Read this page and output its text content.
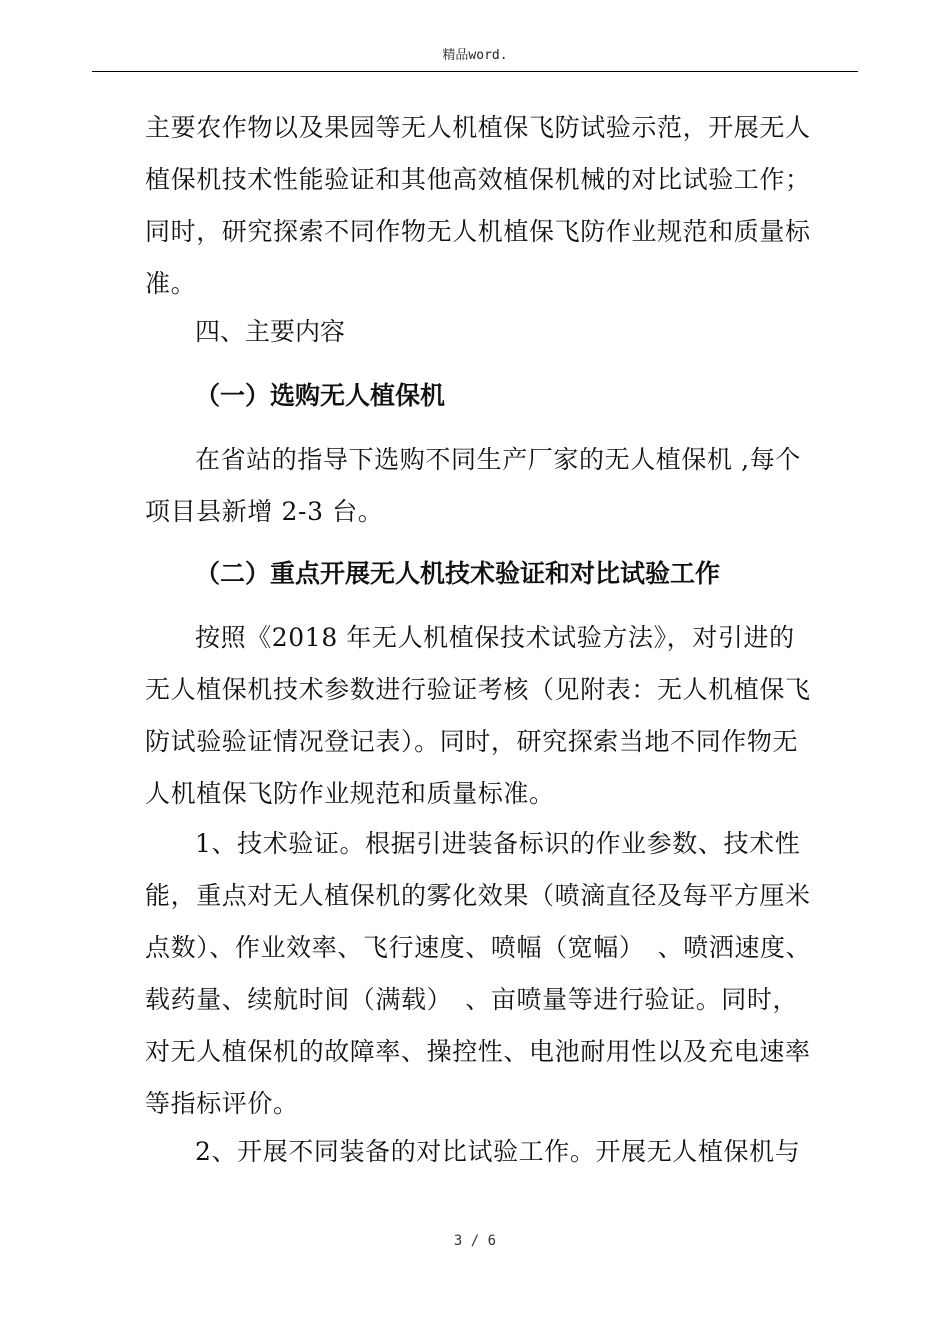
精品word.

主要农作物以及果园等无人机植保飞防试验示范，开展无人植保机技术性能验证和其他高效植保机械的对比试验工作；同时，研究探索不同作物无人机植保飞防作业规范和质量标准。

四、主要内容

（一）选购无人植保机

在省站的指导下选购不同生产厂家的无人植保机 ,每个项目县新增 2-3 台。

（二）重点开展无人机技术验证和对比试验工作

按照《2018 年无人机植保技术试验方法》，对引进的无人植保机技术参数进行验证考核（见附表：无人机植保飞防试验验证情况登记表）。同时，研究探索当地不同作物无人机植保飞防作业规范和质量标准。

1、技术验证。根据引进装备标识的作业参数、技术性能，重点对无人植保机的雾化效果（喷滴直径及每平方厘米点数）、作业效率、飞行速度、喷幅（宽幅）　、喷洒速度、载药量、续航时间（满载）　、亩喷量等进行验证。同时，对无人植保机的故障率、操控性、电池耐用性以及充电速率等指标评价。

2、开展不同装备的对比试验工作。开展无人植保机与

3 / 6
